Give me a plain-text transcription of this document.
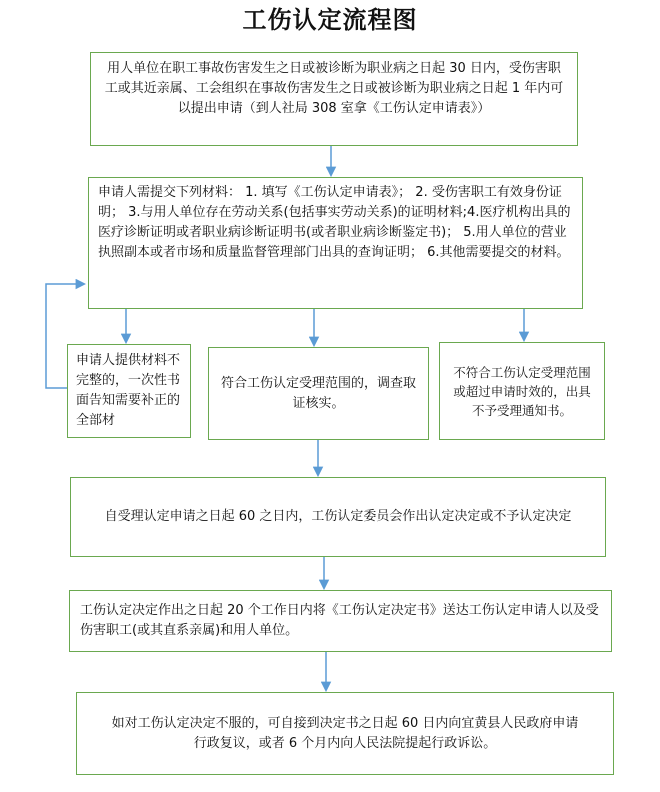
工伤认定流程图
用人单位在职工事故伤害发生之日或被诊断为职业病之日起 30 日内，受伤害职工或其近亲属、工会组织在事故伤害发生之日或被诊断为职业病之日起 1 年内可以提出申请（到人社局 308 室拿《工伤认定申请表》）
申请人需提交下列材料： 1. 填写《工伤认定申请表》； 2. 受伤害职工有效身份证明； 3.与用人单位存在劳动关系(包括事实劳动关系)的证明材料;4.医疗机构出具的医疗诊断证明或者职业病诊断证明书(或者职业病诊断鉴定书)； 5.用人单位的营业执照副本或者市场和质量监督管理部门出具的查询证明； 6.其他需要提交的材料。
申请人提供材料不完整的，一次性书面告知需要补正的全部材
符合工伤认定受理范围的，调查取证核实。
不符合工伤认定受理范围或超过申请时效的，出具不予受理通知书。
自受理认定申请之日起 60 之日内，工伤认定委员会作出认定决定或不予认定决定
工伤认定决定作出之日起 20 个工作日内将《工伤认定决定书》送达工伤认定申请人以及受伤害职工(或其直系亲属)和用人单位。
如对工伤认定决定不服的，可自接到决定书之日起 60 日内向宜黄县人民政府申请行政复议，或者 6 个月内向人民法院提起行政诉讼。
